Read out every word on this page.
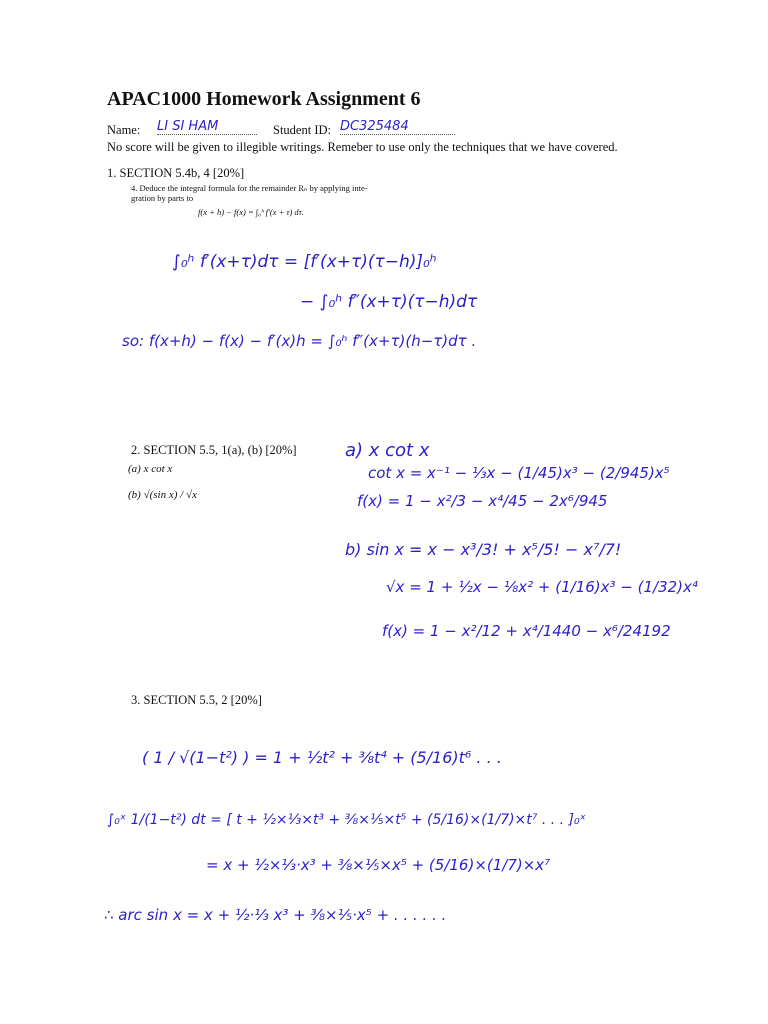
APAC1000 Homework Assignment 6
Name: LI SI HAM	Student ID: DC325484
No score will be given to illegible writings. Remeber to use only the techniques that we have covered.
1. SECTION 5.4b, 4 [20%]
4. Deduce the integral formula for the remainder Rₙ by applying inte-
gration by parts to
f(x + h) − f(x) = ∫₀ʰ f′(x + τ) dτ.
∫₀ʰ f′(x+τ)dτ = [f′(x+τ)(τ−h)]₀ʰ
− ∫₀ʰ f″(x+τ)(τ−h)dτ
so: f(x+h) − f(x) − f′(x)h = ∫₀ʰ f″(x+τ)(h−τ)dτ .
2. SECTION 5.5, 1(a), (b) [20%]
(a) x cot x
(b) √(sin x) / √x
a) x cot x
cot x = x⁻¹ − ⅓x − (1/45)x³ − (2/945)x⁵
f(x) = 1 − x²/3 − x⁴/45 − 2x⁶/945
b) sin x = x − x³/3! + x⁵/5! − x⁷/7!
√x = 1 + ½x − ⅛x² + (1/16)x³ − (1/32)x⁴
f(x) = 1 − x²/12 + x⁴/1440 − x⁶/24192
3. SECTION 5.5, 2 [20%]
( 1 / √(1−t²) ) = 1 + ½t² + ⅜t⁴ + (5/16)t⁶ . . .
∫₀ˣ 1/(1−t²) dt = [ t + ½×⅓×t³ + ⅜×⅕×t⁵ + (5/16)×(1/7)×t⁷ . . . ]₀ˣ
= x + ½×⅓·x³ + ⅜×⅕×x⁵ + (5/16)×(1/7)×x⁷
∴ arc sin x = x + ½·⅓ x³ + ⅜×⅕·x⁵ + . . . . . .
